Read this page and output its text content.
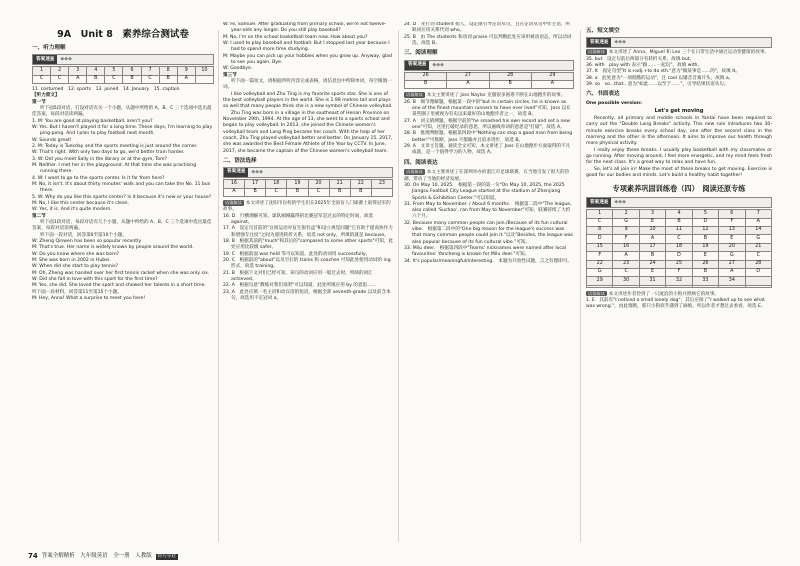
9A　Unit 8　素养综合测试卷
一、听力理解
答案速查	◆◆◆
1	2	3	4	5	6	7	8	9	10
C	C	A	B	C	B	C	B	A	

11. costumed　12. sports　13. joined　14. January　15. captain

【听力原文】

第一节

听下面5段对话，打没对话有关一个小题，从题中所给的 A、B、C 三个选项中选出最佳答案，每段对话读两遍。

1. M: You are good at playing basketball, aren't you?

W: Yes. But I haven't played it for a long time. These days, I'm learning to play ping-pong. And I plan to play football next month.

W: Sounds great!

2. M: Today is Tuesday and the sports meeting is just around the corner.

W: That's right. With only two days to go, we'd better train harder.

3. W: Did you meet Sally in the library or at the gym, Tom?

M: Neither. I met her in the playground. At that time she was practising running there.

4. W: I want to go to the sports center. Is it far from here?

M: No, it isn't. It's about thirty minutes' walk and you can take the No. 11 bus there.

5. W: Why do you like this sports center? Is it because it's new or your house?

M: No, I like this center because it's clean.

W: Yes, it is. And it's quite modern.

第二节

听下面1段对话，每段对话有几个小题，从题中所给的 A、B、C 三个选项中选出最佳答案，每段对话读两遍。

听下面一段对话，回答第6至第10个小题。

W: Zheng Qinwen has been so popular recently.

M: That's true. Her name is widely known by people around the world.

W: Do you know where she was born?

M: She was born in 2002 in Hubei.

W: When did she start to play tennis?

M: Oh, Zheng was handed over her first tennis racket when she was only six.

W: Did she fall in love with this sport for the first time?

M: Yes, she did. She loved the sport and showed her talents in a short time.

听下面一段材料，回答第11至第15个小题。

M: Hey, Anna! What a surprise to meet you here!

W: Hi, Samuel. After graduating from primary school, we're not twelve-year-olds any longer. Do you still play baseball?

M: No, I'm on the school basketball team now. How about you?

W: I used to play baseball and football. But I stopped last year because I had to spend more time studying.

M: Maybe you can pick up your hobbies when you grow up. Anyway, glad to see you again. Bye.

W: Goodbye.

第三节

听下面一篇短文，请根据所听内容完成表格，请信息包中所缺单词，每空限填一词。

I like volleyball and Zhu Ting is my favorite sports star. She is one of the best volleyball players in the world. She is 1.98 metres tall and plays so well that many people think she is a new symbol of Chinese volleyball.

Zhu Ting was born in a village in the southeast of Henan Province on November 29th, 1994. At the age of 13, she went to a sports school and began to play volleyball. In 2013, she joined the Chinese women's volleyball team and Lang Ping became her coach. With the help of her coach, Zhu Ting played volleyball better and better. On January 15, 2017, she was awarded the Best Female Athlete of the Year by CCTV. In June, 2017, she became the captain of the Chinese women's volleyball team.

二、语法选择
答案速查	◆◆◆
16	17	18	19	20	21	22	23
A	B	C	B	C	B	B	

语篇解读 本文讲述了沈阳市盲校的学生们在2025年全国盲人门球赛上取得冠军的故事。

16. D　行横理解可知，球队刚刚赢得的比赛冠军是过去的特定时间，故选against。

17. A　设定句首前的"这项运动对盲生很有益"和设立视觉问题"它有助于提高协作力和增强专注度"之间为递进转折关系，故选 not only，所填的就是 because。

18. B　根据其前的"much"和其后的"compared to some other sports"可知，此处应用比较级 safer。

19. C　根据前面 was held 等可以知道，此处的动词用 successfully。

20. C　根据前的"about"以及空后的 trains 和 coaches 可知此处使用动词的 ing 形式，故选 training。

21. B　根据下文对们已经可知，该句的动词应用一般过去时，所缺的词汇 achieved。

22. A　根据句意"教练对我们说明"可以知道，此处所填应用 by 的意思……

23. A　此处应填一名主语和动宾语的短语，根据全部 seventh-grade 以及前含本句，故选用不定冠词 a。

24. D　先行词 student 指人，设定限引导定语从句，且在定语从句中作主语，所缺词应用关系代词 who。

25. B　由 The students 和动词 praise 可以判断此处应该用被动语态，所以动词选，故选 B。

三、阅读理解
答案速查	◆◆◆
26	27	28	29
B	A	B	A

语篇解读 本文主要讲述了 Joss Naylor 克服很多困难不断在山地跑步的故事。

26. B　细节理解题。根据第一段中的"but in certain circles, he is known as one of the finest mountain runners to have ever lived"可知，Joss 以在某些圈子里被视为有史以来最好的山地跑步者之一，故选 B。

27. A　词义猜测题。根据空前的"he smashed his own record and set a new one"可知，这里打破纪录的意思，所以画线单词的意思是"打破"，故选 A。

28. B　推理判断题。根据第四段中"Nothing can stop a good man from being better!"可推断，Joss 不服输并且追求进步，故选 B。

29. A　文章主旨题。通读全文可知，本文讲述了 Joss 在山地跑步方面取得的不凡成就，是一个值得学习的人物，故选 A。

四、阅读表达

语篇解读 本文主要讲述了在深圳举办的湛江市足球联赛，在当地引发了很大的热潮，带动了当地的经济发展。

30. On May 10, 2025.　根据第一段的第一句"On May 10, 2025, the 2025 Jiangsu Football City League started at the stadium of Zhenjiang Sports & Exhibition Center."可以知道。

31. From May to November. / About 6 months.　根据第二段中"The league, also called 'Suchao', ran from May to November"可知，联赛持续了大约六个月。

32. Because many common people can join./Because of its fun cultural vibe.　根据第二段中的"One big reason for the league's success was that many common people could join it."以及"Besides, the league was also popular because of its fun cultural vibe."可知。

33. Milu deer.　根据第四段中"Teams' nicknames were named after local favourites: Yancheng is known for Milu deer."可知。

34. It's popular/meaningful/interesting.　本题为开放性试题，言之有理即可。

五、短文填空
答案速查	◆◆◆

语篇解读 本文讲述了 Anna、Miguel 和 Leo 三个在日常生活中通过运动变健康的故事。

35. but　设定句前后两部分有转折关系，故填 but。

36. with　play with 表示"跟……一起玩"，故填 with。

37. It　固定句型"It is+adj.+to do sth."意为"做某事是……的"，故填 It。

38. a　此处意为"一项很酷的运动"，且 cool 以辅音音素开头，故填 a。

39. so　so...that...意为"如此……以至于……"，引导结果状语从句。

六、书面表达

One possible version:

Let's get moving

Recently, all primary and middle schools in Yantai have been required to carry out the "Double Long Breaks" activity. This new rule introduces two 30-minute exercise breaks every school day, one after the second class in the morning and the other in the afternoon. It aims to improve our health through more physical activity.

I really enjoy these breaks. I usually play basketball with my classmates or go running. After moving around, I feel more energetic, and my mind feels fresh for the next class. It's a great way to relax and have fun.

So, let's all join in! Make the most of these breaks to get moving. Exercise is good for our bodies and minds. Let's build a healthy habit together!

专项素养巩固训练卷（四）　阅读还原专练
答案速查	◆◆◆
1	2	3	4	5	6	7
C	G	E	B	D	F	A
8	9	10	11	12	13	14
D	F	A	C	B	E	G
15	16	17	18	19	20	21
F	A	B	D	E	G	C
22	23	24	25	26	27	28
G	C	E	F	B	A	D
29	30	31	32	33	34	

语篇解读 本文讲述作者捡到了一只流浪的小狗并照顾它的故事。

1. E　其前有"I noticed a small lonely dog"，其后应接了"I walked up to see what was wrong."，由此推断，那只小狗似乎遇到了麻烦，所以作者才想过去看看，故选 E。

74 答案全解精析　九年级英语　全一册　人教版	轻巧夺冠
